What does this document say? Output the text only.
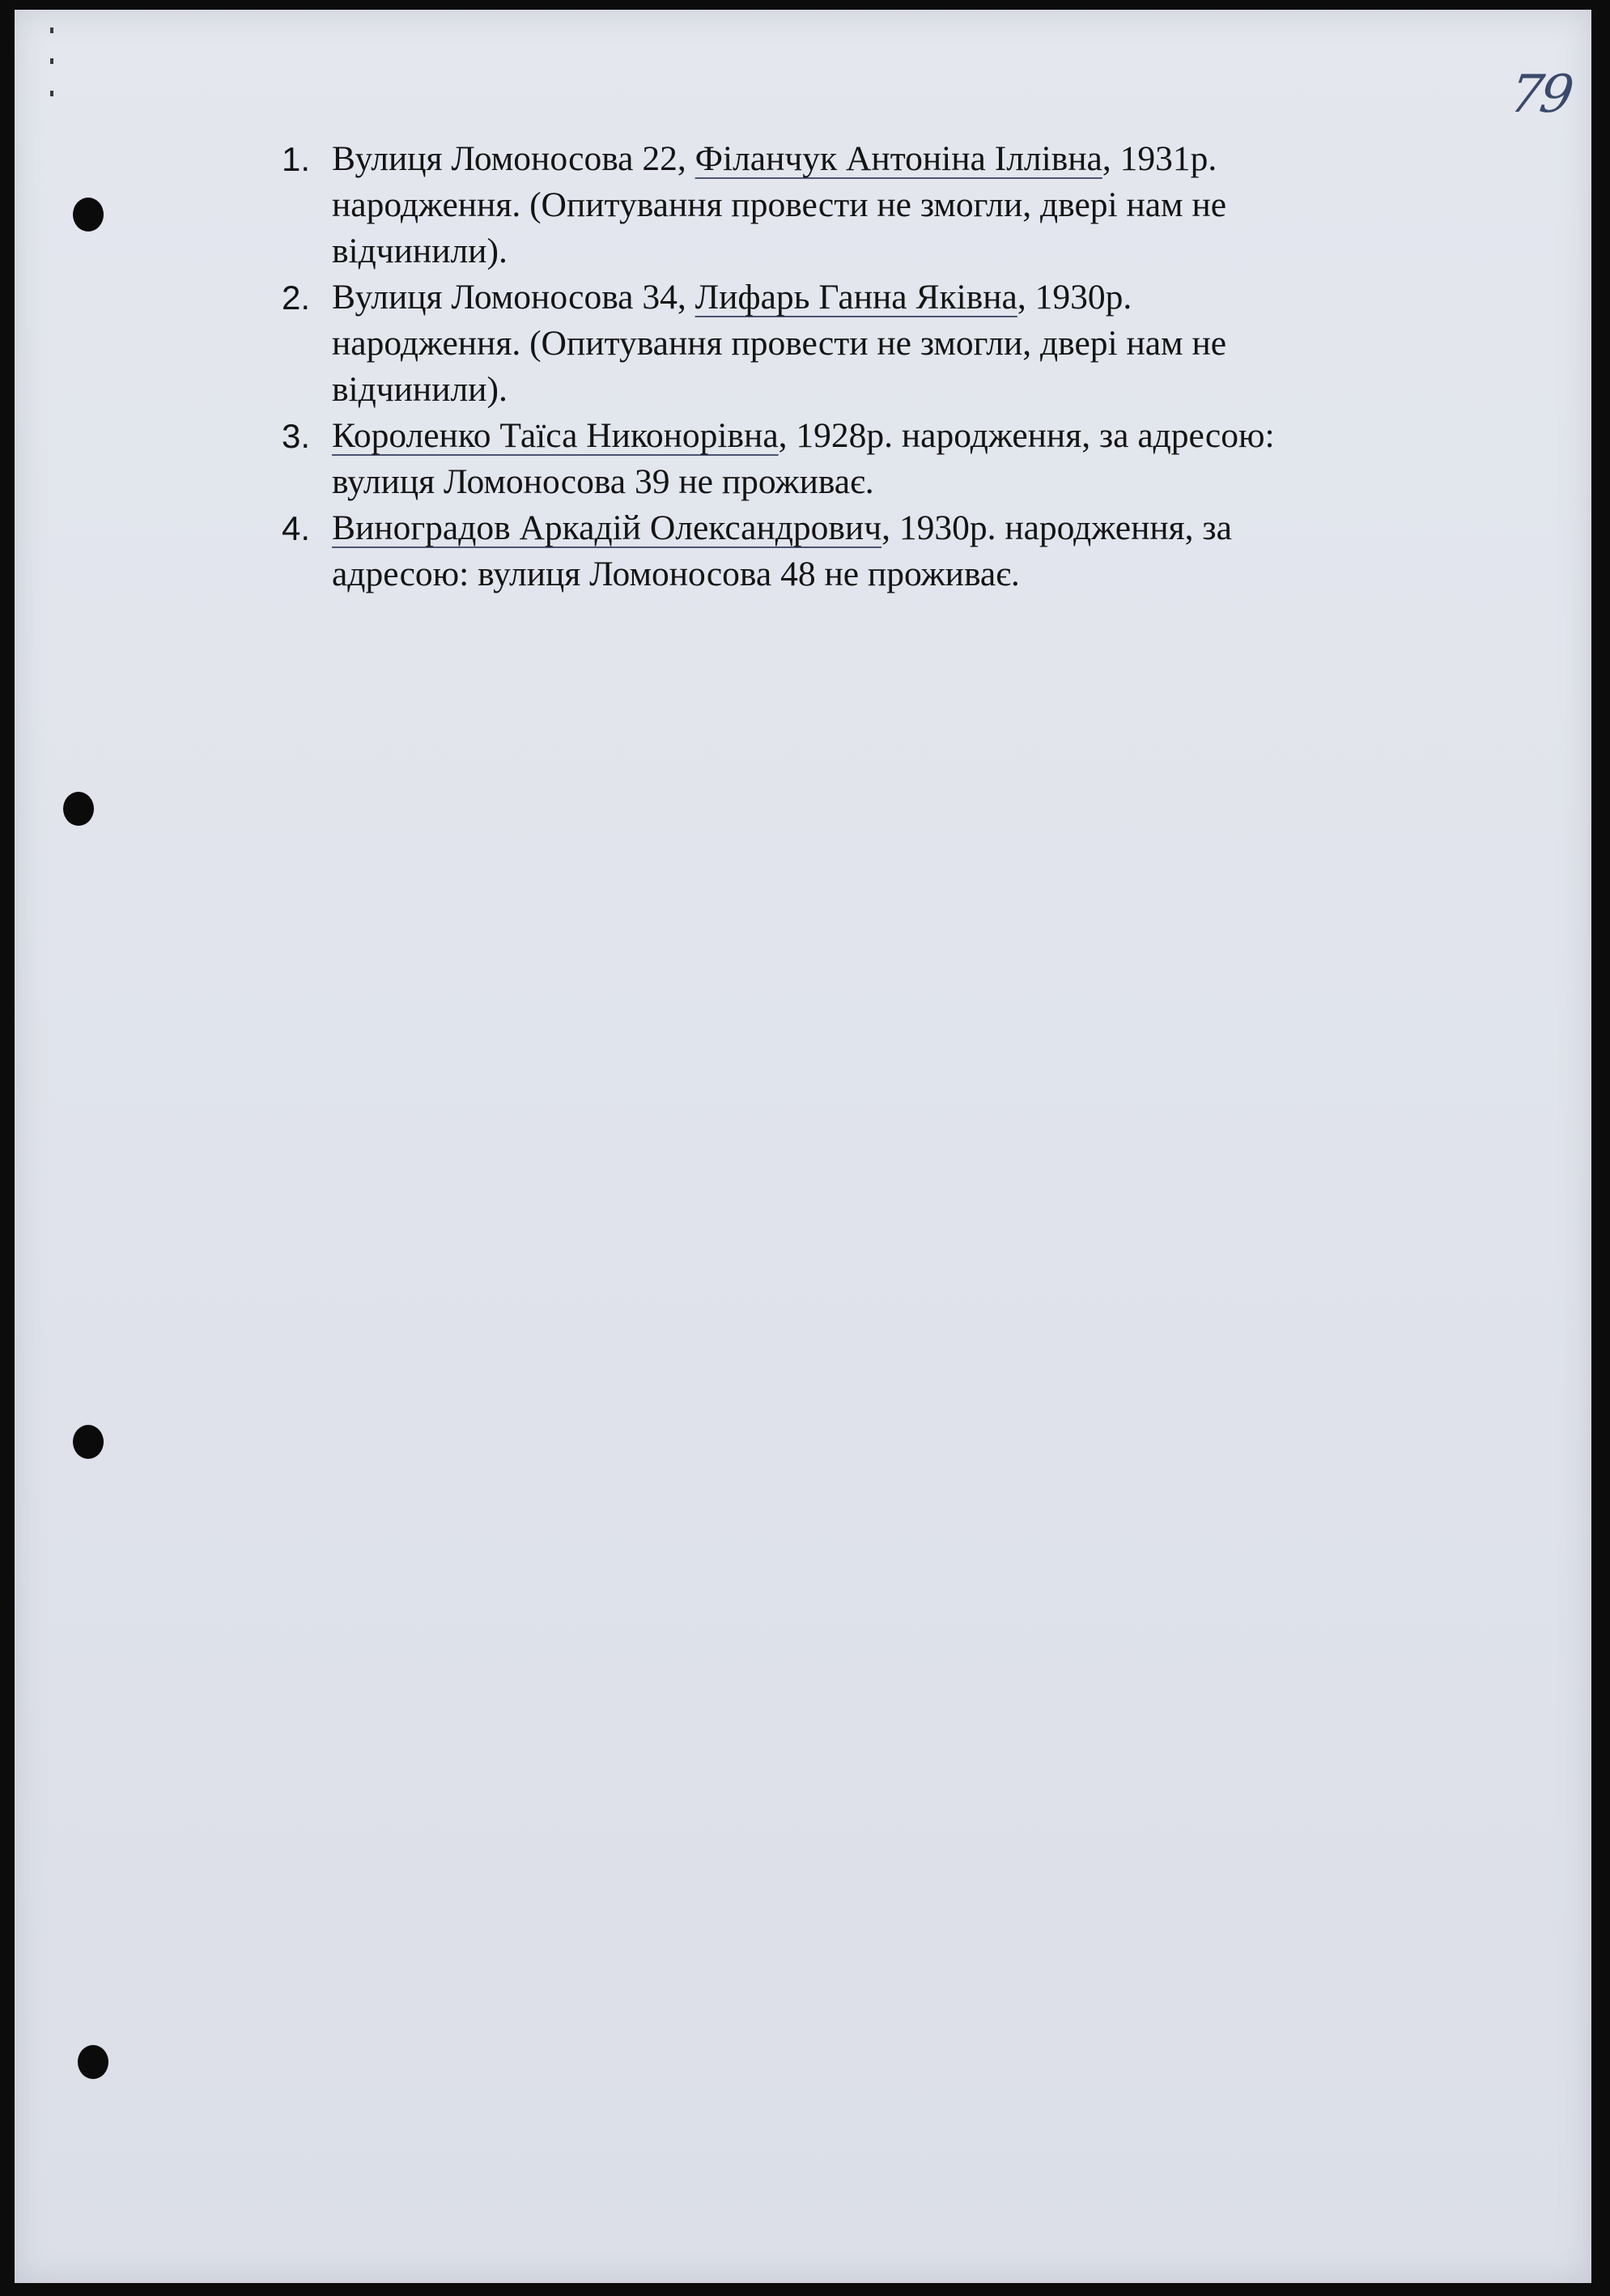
79
1. Вулиця Ломоносова 22, Філанчук Антоніна Іллівна, 1931р.
народження. (Опитування провести не змогли, двері нам не
відчинили).
2. Вулиця Ломоносова 34, Лифарь Ганна Яківна, 1930р.
народження. (Опитування провести не змогли, двері нам не
відчинили).
3. Короленко Таїса Никонорівна, 1928р. народження, за адресою:
вулиця Ломоносова 39 не проживає.
4. Виноградов Аркадій Олександрович, 1930р. народження, за
адресою: вулиця Ломоносова 48 не проживає.
